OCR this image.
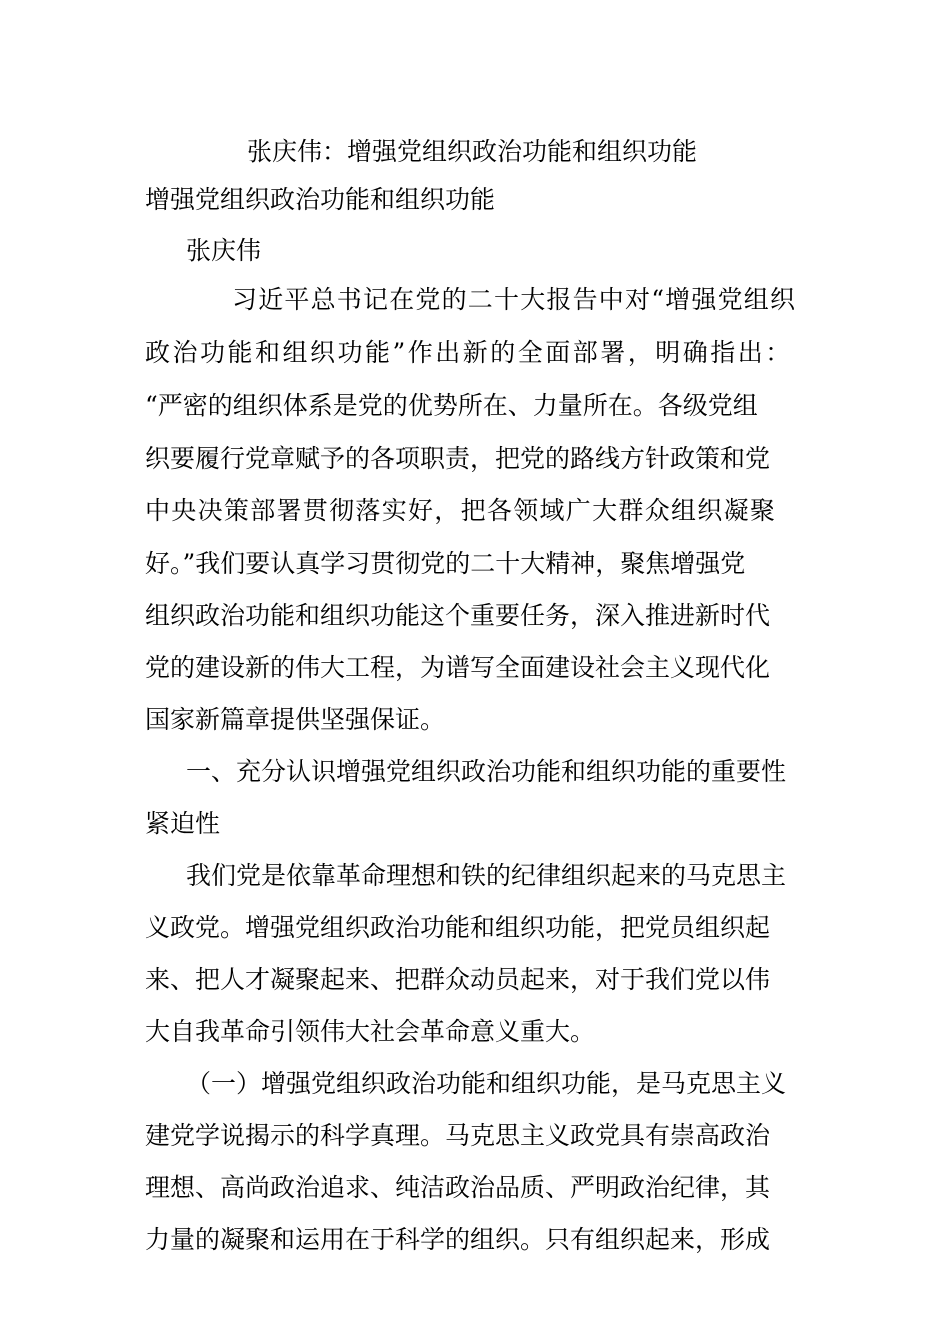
张庆伟：增强党组织政治功能和组织功能
增强党组织政治功能和组织功能
张庆伟
习近平总书记在党的二十大报告中对“增强党组织
政治功能和组织功能”作出新的全面部署，明确指出：
“严密的组织体系是党的优势所在、力量所在。各级党组
织要履行党章赋予的各项职责，把党的路线方针政策和党
中央决策部署贯彻落实好，把各领域广大群众组织凝聚
好。”我们要认真学习贯彻党的二十大精神，聚焦增强党
组织政治功能和组织功能这个重要任务，深入推进新时代
党的建设新的伟大工程，为谱写全面建设社会主义现代化
国家新篇章提供坚强保证。
一、充分认识增强党组织政治功能和组织功能的重要性
紧迫性
我们党是依靠革命理想和铁的纪律组织起来的马克思主
义政党。增强党组织政治功能和组织功能，把党员组织起
来、把人才凝聚起来、把群众动员起来，对于我们党以伟
大自我革命引领伟大社会革命意义重大。
（一）增强党组织政治功能和组织功能，是马克思主义
建党学说揭示的科学真理。马克思主义政党具有崇高政治
理想、高尚政治追求、纯洁政治品质、严明政治纪律，其
力量的凝聚和运用在于科学的组织。只有组织起来，形成
